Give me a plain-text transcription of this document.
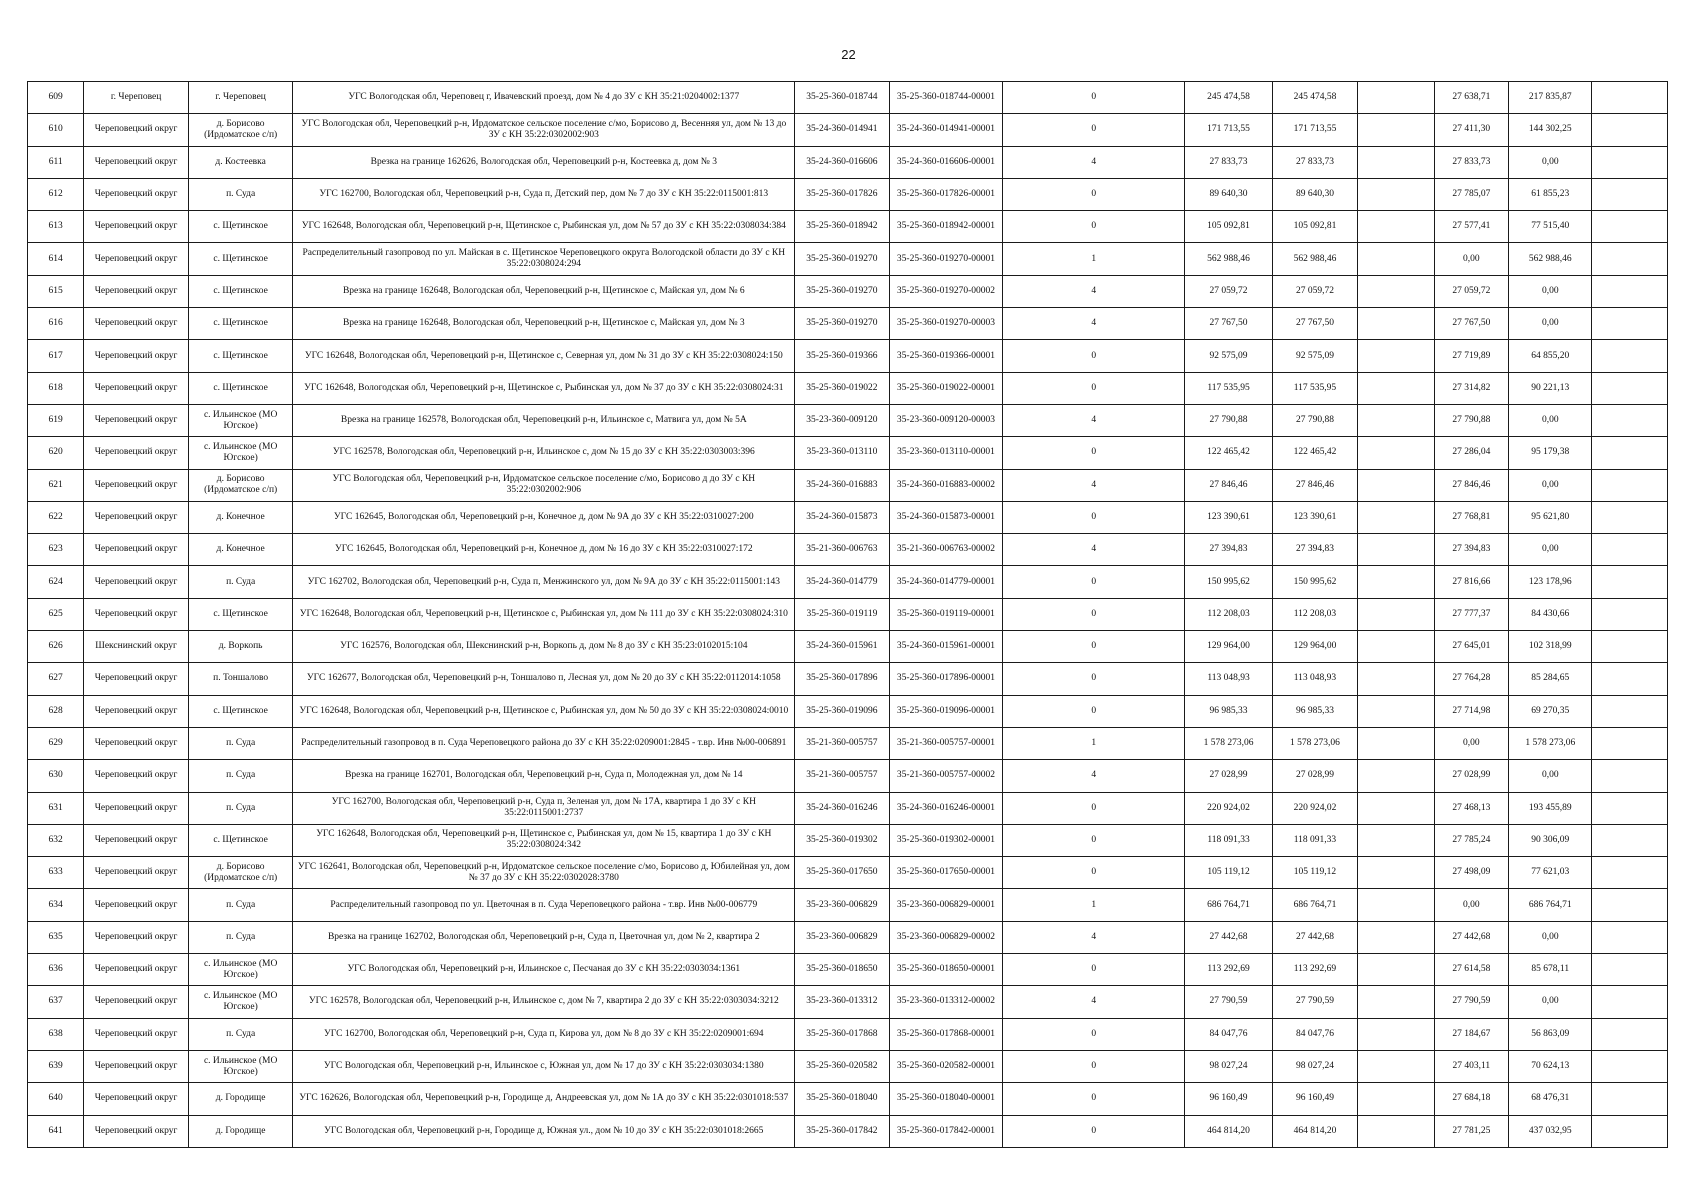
22
609	г. Череповец	г. Череповец	УГС Вологодская обл, Череповец г, Ивачевский проезд, дом № 4 до ЗУ с КН 35:21:0204002:1377	35-25-360-018744	35-25-360-018744-00001	0	245 474,58	245 474,58		27 638,71	217 835,87	
610	Череповецкий округ	д. Борисово (Ирдоматское с/п)	УГС Вологодская обл, Череповецкий р-н, Ирдоматское сельское поселение с/мо, Борисово д, Весенняя ул, дом № 13 до ЗУ с КН 35:22:0302002:903	35-24-360-014941	35-24-360-014941-00001	0	171 713,55	171 713,55		27 411,30	144 302,25	
611	Череповецкий округ	д. Костеевка	Врезка на границе 162626, Вологодская обл, Череповецкий р-н, Костеевка д, дом № 3	35-24-360-016606	35-24-360-016606-00001	4	27 833,73	27 833,73		27 833,73	0,00	
612	Череповецкий округ	п. Суда	УГС 162700, Вологодская обл, Череповецкий р-н, Суда п, Детский пер, дом № 7 до ЗУ с КН 35:22:0115001:813	35-25-360-017826	35-25-360-017826-00001	0	89 640,30	89 640,30		27 785,07	61 855,23	
613	Череповецкий округ	с. Щетинское	УГС 162648, Вологодская обл, Череповецкий р-н, Щетинское с, Рыбинская ул, дом № 57 до ЗУ с КН 35:22:0308034:384	35-25-360-018942	35-25-360-018942-00001	0	105 092,81	105 092,81		27 577,41	77 515,40	
614	Череповецкий округ	с. Щетинское	Распределительный газопровод по ул. Майская в с. Щетинское Череповецкого округа Вологодской области до ЗУ с КН 35:22:0308024:294	35-25-360-019270	35-25-360-019270-00001	1	562 988,46	562 988,46		0,00	562 988,46	
615	Череповецкий округ	с. Щетинское	Врезка на границе 162648, Вологодская обл, Череповецкий р-н, Щетинское с, Майская ул, дом № 6	35-25-360-019270	35-25-360-019270-00002	4	27 059,72	27 059,72		27 059,72	0,00	
616	Череповецкий округ	с. Щетинское	Врезка на границе 162648, Вологодская обл, Череповецкий р-н, Щетинское с, Майская ул, дом № 3	35-25-360-019270	35-25-360-019270-00003	4	27 767,50	27 767,50		27 767,50	0,00	
617	Череповецкий округ	с. Щетинское	УГС 162648, Вологодская обл, Череповецкий р-н, Щетинское с, Северная ул, дом № 31 до ЗУ с КН 35:22:0308024:150	35-25-360-019366	35-25-360-019366-00001	0	92 575,09	92 575,09		27 719,89	64 855,20	
618	Череповецкий округ	с. Щетинское	УГС 162648, Вологодская обл, Череповецкий р-н, Щетинское с, Рыбинская ул, дом № 37 до ЗУ с КН 35:22:0308024:31	35-25-360-019022	35-25-360-019022-00001	0	117 535,95	117 535,95		27 314,82	90 221,13	
619	Череповецкий округ	с. Ильинское (МО Югское)	Врезка на границе 162578, Вологодская обл, Череповецкий р-н, Ильинское с, Матвига ул, дом № 5А	35-23-360-009120	35-23-360-009120-00003	4	27 790,88	27 790,88		27 790,88	0,00	
620	Череповецкий округ	с. Ильинское (МО Югское)	УГС 162578, Вологодская обл, Череповецкий р-н, Ильинское с, дом № 15 до ЗУ с КН 35:22:0303003:396	35-23-360-013110	35-23-360-013110-00001	0	122 465,42	122 465,42		27 286,04	95 179,38	
621	Череповецкий округ	д. Борисово (Ирдоматское с/п)	УГС Вологодская обл, Череповецкий р-н, Ирдоматское сельское поселение с/мо, Борисово д до ЗУ с КН 35:22:0302002:906	35-24-360-016883	35-24-360-016883-00002	4	27 846,46	27 846,46		27 846,46	0,00	
622	Череповецкий округ	д. Конечное	УГС 162645, Вологодская обл, Череповецкий р-н, Конечное д, дом № 9А до ЗУ с КН 35:22:0310027:200	35-24-360-015873	35-24-360-015873-00001	0	123 390,61	123 390,61		27 768,81	95 621,80	
623	Череповецкий округ	д. Конечное	УГС 162645, Вологодская обл, Череповецкий р-н, Конечное д, дом № 16 до ЗУ с КН 35:22:0310027:172	35-21-360-006763	35-21-360-006763-00002	4	27 394,83	27 394,83		27 394,83	0,00	
624	Череповецкий округ	п. Суда	УГС 162702, Вологодская обл, Череповецкий р-н, Суда п, Менжинского ул, дом № 9А до ЗУ с КН 35:22:0115001:143	35-24-360-014779	35-24-360-014779-00001	0	150 995,62	150 995,62		27 816,66	123 178,96	
625	Череповецкий округ	с. Щетинское	УГС 162648, Вологодская обл, Череповецкий р-н, Щетинское с, Рыбинская ул, дом № 111 до ЗУ с КН 35:22:0308024:310	35-25-360-019119	35-25-360-019119-00001	0	112 208,03	112 208,03		27 777,37	84 430,66	
626	Шекснинский округ	д. Воркопь	УГС 162576, Вологодская обл, Шекснинский р-н, Воркопь д, дом № 8 до ЗУ с КН 35:23:0102015:104	35-24-360-015961	35-24-360-015961-00001	0	129 964,00	129 964,00		27 645,01	102 318,99	
627	Череповецкий округ	п. Тоншалово	УГС 162677, Вологодская обл, Череповецкий р-н, Тоншалово п, Лесная ул, дом № 20 до ЗУ с КН 35:22:0112014:1058	35-25-360-017896	35-25-360-017896-00001	0	113 048,93	113 048,93		27 764,28	85 284,65	
628	Череповецкий округ	с. Щетинское	УГС 162648, Вологодская обл, Череповецкий р-н, Щетинское с, Рыбинская ул, дом № 50 до ЗУ с КН 35:22:0308024:0010	35-25-360-019096	35-25-360-019096-00001	0	96 985,33	96 985,33		27 714,98	69 270,35	
629	Череповецкий округ	п. Суда	Распределительный газопровод в п. Суда Череповецкого района до ЗУ с КН 35:22:0209001:2845 - т.вр. Инв №00-006891	35-21-360-005757	35-21-360-005757-00001	1	1 578 273,06	1 578 273,06		0,00	1 578 273,06	
630	Череповецкий округ	п. Суда	Врезка на границе 162701, Вологодская обл, Череповецкий р-н, Суда п, Молодежная ул, дом № 14	35-21-360-005757	35-21-360-005757-00002	4	27 028,99	27 028,99		27 028,99	0,00	
631	Череповецкий округ	п. Суда	УГС 162700, Вологодская обл, Череповецкий р-н, Суда п, Зеленая ул, дом № 17А, квартира 1 до ЗУ с КН 35:22:0115001:2737	35-24-360-016246	35-24-360-016246-00001	0	220 924,02	220 924,02		27 468,13	193 455,89	
632	Череповецкий округ	с. Щетинское	УГС 162648, Вологодская обл, Череповецкий р-н, Щетинское с, Рыбинская ул, дом № 15, квартира 1 до ЗУ с КН 35:22:0308024:342	35-25-360-019302	35-25-360-019302-00001	0	118 091,33	118 091,33		27 785,24	90 306,09	
633	Череповецкий округ	д. Борисово (Ирдоматское с/п)	УГС 162641, Вологодская обл, Череповецкий р-н, Ирдоматское сельское поселение с/мо, Борисово д, Юбилейная ул, дом № 37 до ЗУ с КН 35:22:0302028:3780	35-25-360-017650	35-25-360-017650-00001	0	105 119,12	105 119,12		27 498,09	77 621,03	
634	Череповецкий округ	п. Суда	Распределительный газопровод по ул. Цветочная в п. Суда Череповецкого района - т.вр. Инв №00-006779	35-23-360-006829	35-23-360-006829-00001	1	686 764,71	686 764,71		0,00	686 764,71	
635	Череповецкий округ	п. Суда	Врезка на границе 162702, Вологодская обл, Череповецкий р-н, Суда п, Цветочная ул, дом № 2, квартира 2	35-23-360-006829	35-23-360-006829-00002	4	27 442,68	27 442,68		27 442,68	0,00	
636	Череповецкий округ	с. Ильинское (МО Югское)	УГС Вологодская обл, Череповецкий р-н, Ильинское с, Песчаная до ЗУ с КН 35:22:0303034:1361	35-25-360-018650	35-25-360-018650-00001	0	113 292,69	113 292,69		27 614,58	85 678,11	
637	Череповецкий округ	с. Ильинское (МО Югское)	УГС 162578, Вологодская обл, Череповецкий р-н, Ильинское с, дом № 7, квартира 2 до ЗУ с КН 35:22:0303034:3212	35-23-360-013312	35-23-360-013312-00002	4	27 790,59	27 790,59		27 790,59	0,00	
638	Череповецкий округ	п. Суда	УГС 162700, Вологодская обл, Череповецкий р-н, Суда п, Кирова ул, дом № 8 до ЗУ с КН 35:22:0209001:694	35-25-360-017868	35-25-360-017868-00001	0	84 047,76	84 047,76		27 184,67	56 863,09	
639	Череповецкий округ	с. Ильинское (МО Югское)	УГС Вологодская обл, Череповецкий р-н, Ильинское с, Южная ул, дом № 17 до ЗУ с КН 35:22:0303034:1380	35-25-360-020582	35-25-360-020582-00001	0	98 027,24	98 027,24		27 403,11	70 624,13	
640	Череповецкий округ	д. Городище	УГС 162626, Вологодская обл, Череповецкий р-н, Городище д, Андреевская ул, дом № 1А до ЗУ с КН 35:22:0301018:537	35-25-360-018040	35-25-360-018040-00001	0	96 160,49	96 160,49		27 684,18	68 476,31	
641	Череповецкий округ	д. Городище	УГС Вологодская обл, Череповецкий р-н, Городище д, Южная ул., дом № 10 до ЗУ с КН 35:22:0301018:2665	35-25-360-017842	35-25-360-017842-00001	0	464 814,20	464 814,20		27 781,25	437 032,95	
